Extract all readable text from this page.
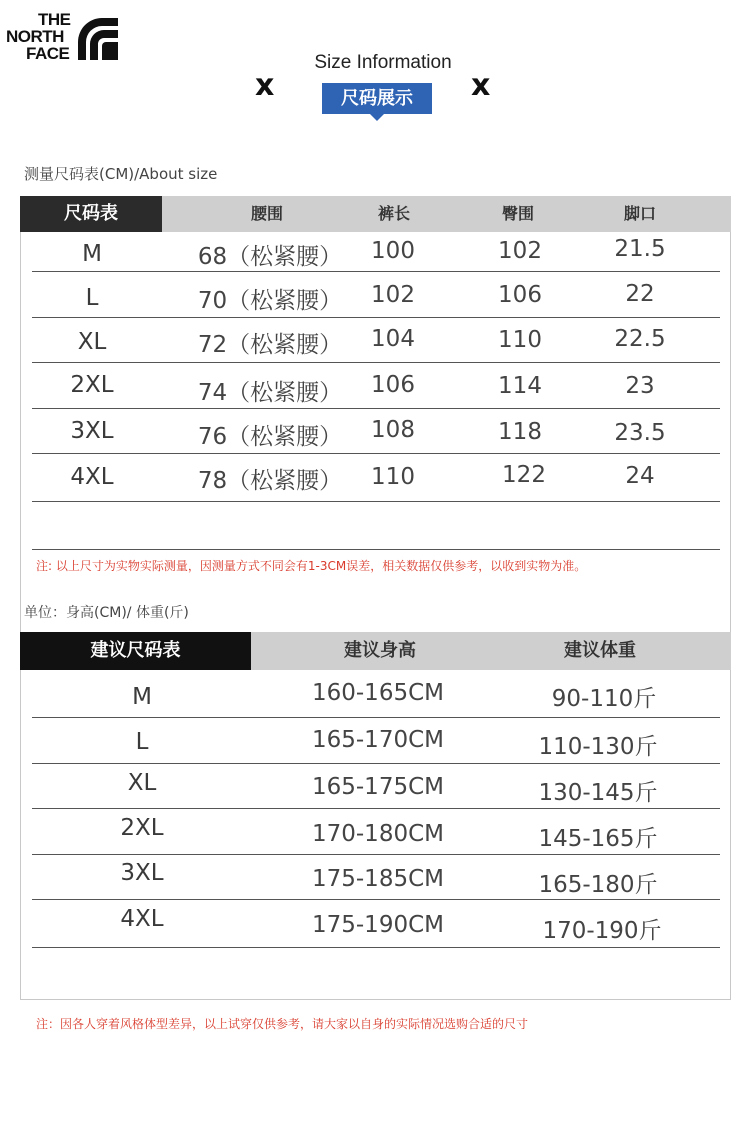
THE
NORTH
FACE	Size Information
x	x
尺码展示
测量尺码表(CM)/About size
尺码表	腰围	裤长	臀围	脚口
M	68（松紧腰）	100	102	21.5
L	70（松紧腰）	102	106	22
XL	72（松紧腰）	104	110	22.5
2XL	74（松紧腰）	106	114	23
3XL	76（松紧腰）	108	118	23.5
4XL	78（松紧腰）	110	122	24
注: 以上尺寸为实物实际测量，因测量方式不同会有1-3CM误差，相关数据仅供参考，以收到实物为准。
单位：身高(CM)/ 体重(斤)
建议尺码表	建议身高	建议体重
M	160-165CM	90-110斤
L	165-170CM	110-130斤
XL	165-175CM	130-145斤
2XL	170-180CM	145-165斤
3XL	175-185CM	165-180斤
4XL	175-190CM	170-190斤
注：因各人穿着风格体型差异，以上试穿仅供参考，请大家以自身的实际情况选购合适的尺寸
